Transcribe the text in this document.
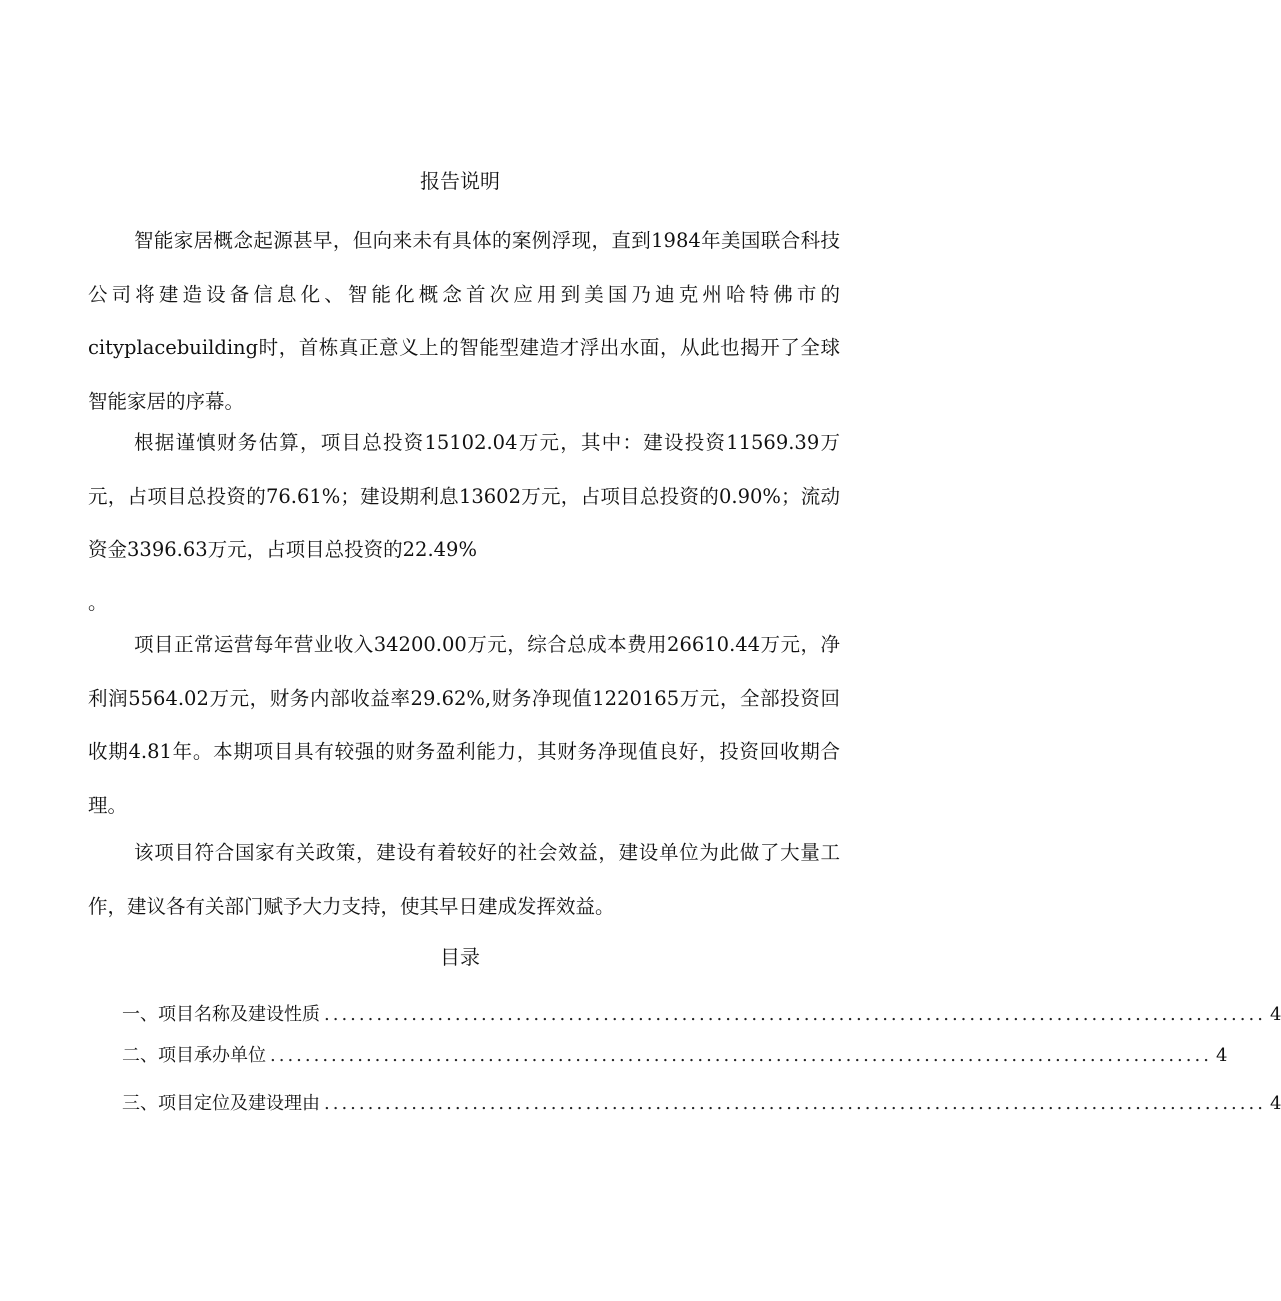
报告说明

智能家居概念起源甚早，但向来未有具体的案例浮现，直到1984年美国联合科技公司将建造设备信息化、智能化概念首次应用到美国乃迪克州哈特佛市的cityplacebuilding时，首栋真正意义上的智能型建造才浮出水面，从此也揭开了全球智能家居的序幕。

根据谨慎财务估算，项目总投资15102.04万元，其中：建设投资11569.39万元，占项目总投资的76.61%；建设期利息13602万元，占项目总投资的0.90%；流动资金3396.63万元，占项目总投资的22.49%

。

项目正常运营每年营业收入34200.00万元，综合总成本费用26610.44万元，净利润5564.02万元，财务内部收益率29.62%,财务净现值1220165万元，全部投资回收期4.81年。本期项目具有较强的财务盈利能力，其财务净现值良好，投资回收期合理。

该项目符合国家有关政策，建设有着较好的社会效益，建设单位为此做了大量工作，建议各有关部门赋予大力支持，使其早日建成发挥效益。

目录
一、项目名称及建设性质 ............................................................................................................ 4
二、项目承办单位 ............................................................................................................ 4
三、项目定位及建设理由 ............................................................................................................ 4
